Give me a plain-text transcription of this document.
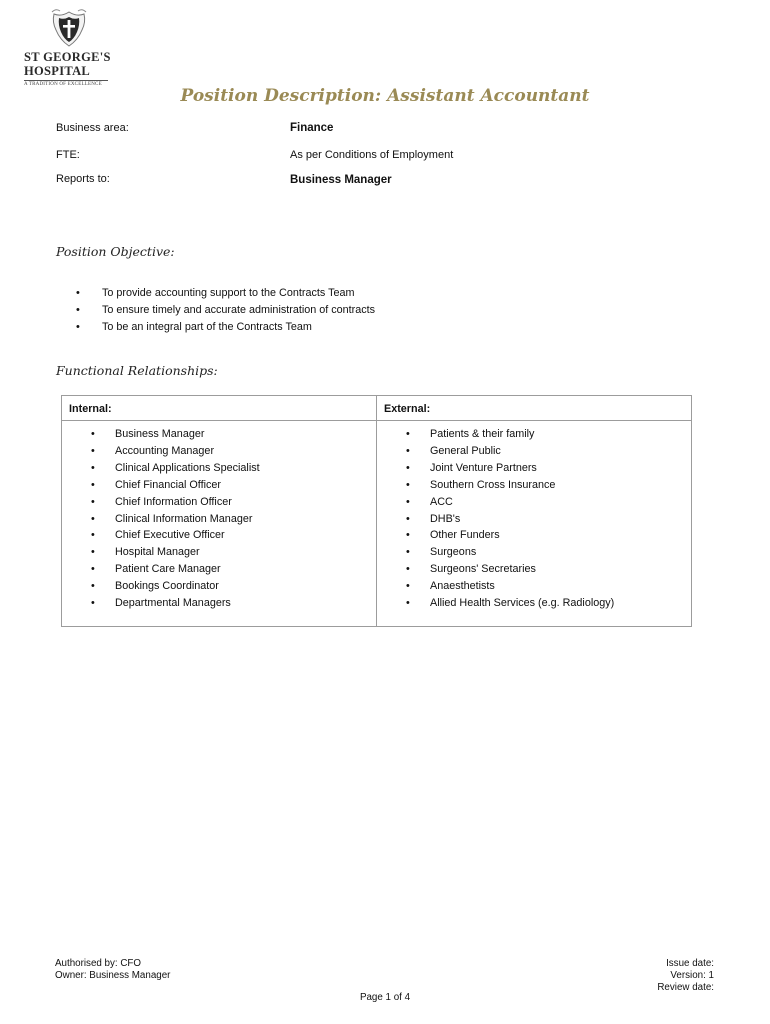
ST GEORGE'S
HOSPITAL
A TRADITION OF EXCELLENCE
Position Description: Assistant Accountant
Business area:	Finance
FTE:	As per Conditions of Employment
Reports to:	Business Manager
Position Objective:
• To provide accounting support to the Contracts Team
• To ensure timely and accurate administration of contracts
• To be an integral part of the Contracts Team
Functional Relationships:
Internal:
• Business Manager
• Accounting Manager
• Clinical Applications Specialist
• Chief Financial Officer
• Chief Information Officer
• Clinical Information Manager
• Chief Executive Officer
• Hospital Manager
• Patient Care Manager
• Bookings Coordinator
• Departmental Managers
External:
• Patients & their family
• General Public
• Joint Venture Partners
• Southern Cross Insurance
• ACC
• DHB's
• Other Funders
• Surgeons
• Surgeons' Secretaries
• Anaesthetists
• Allied Health Services (e.g. Radiology)
Authorised by: CFO
Owner: Business Manager
Issue date:
Version: 1
Review date:
Page 1 of 4
